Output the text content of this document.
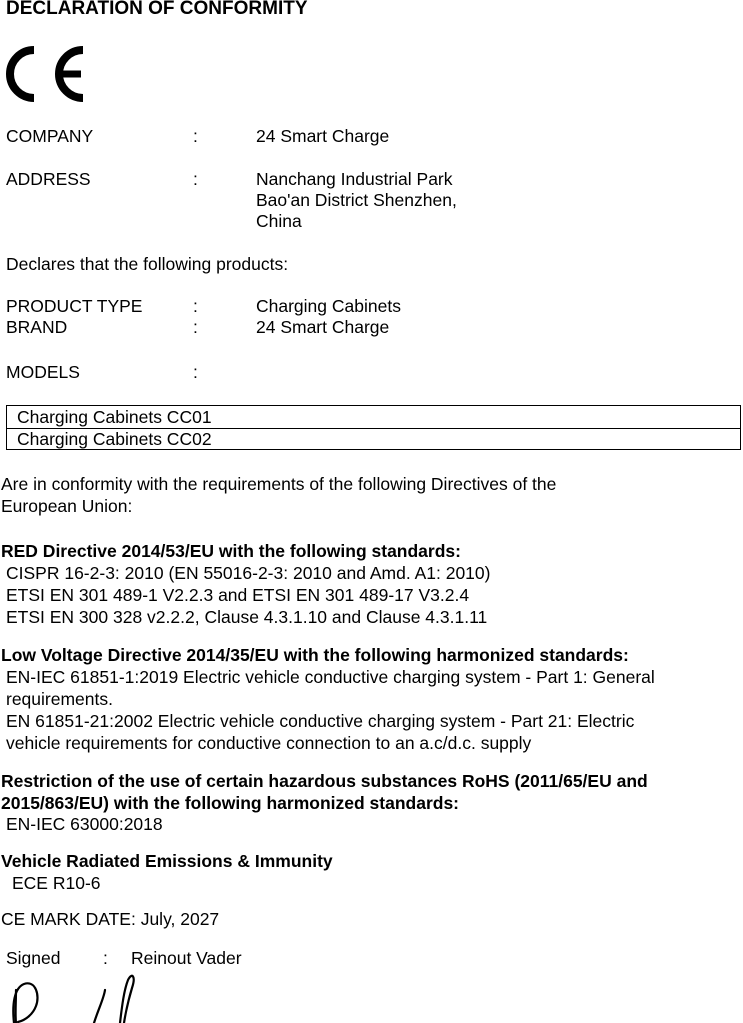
DECLARATION OF CONFORMITY
COMPANY	:	24 Smart Charge
ADDRESS	:	Nanchang Industrial Park
Bao'an District Shenzhen,
China
Declares that the following products:
PRODUCT TYPE	:	Charging Cabinets
BRAND	:	24 Smart Charge
MODELS	:
Charging Cabinets CC01
Charging Cabinets CC02
Are in conformity with the requirements of the following Directives of the
European Union:
RED Directive 2014/53/EU with the following standards:
CISPR 16-2-3: 2010 (EN 55016-2-3: 2010 and Amd. A1: 2010)
ETSI EN 301 489-1 V2.2.3 and ETSI EN 301 489-17 V3.2.4
ETSI EN 300 328 v2.2.2, Clause 4.3.1.10 and Clause 4.3.1.11
Low Voltage Directive 2014/35/EU with the following harmonized standards:
EN-IEC 61851-1:2019 Electric vehicle conductive charging system - Part 1: General
requirements.
EN 61851-21:2002 Electric vehicle conductive charging system - Part 21: Electric
vehicle requirements for conductive connection to an a.c/d.c. supply
Restriction of the use of certain hazardous substances RoHS (2011/65/EU and
2015/863/EU) with the following harmonized standards:
EN-IEC 63000:2018
Vehicle Radiated Emissions & Immunity
ECE R10-6
CE MARK DATE: July, 2027
Signed : Reinout Vader
